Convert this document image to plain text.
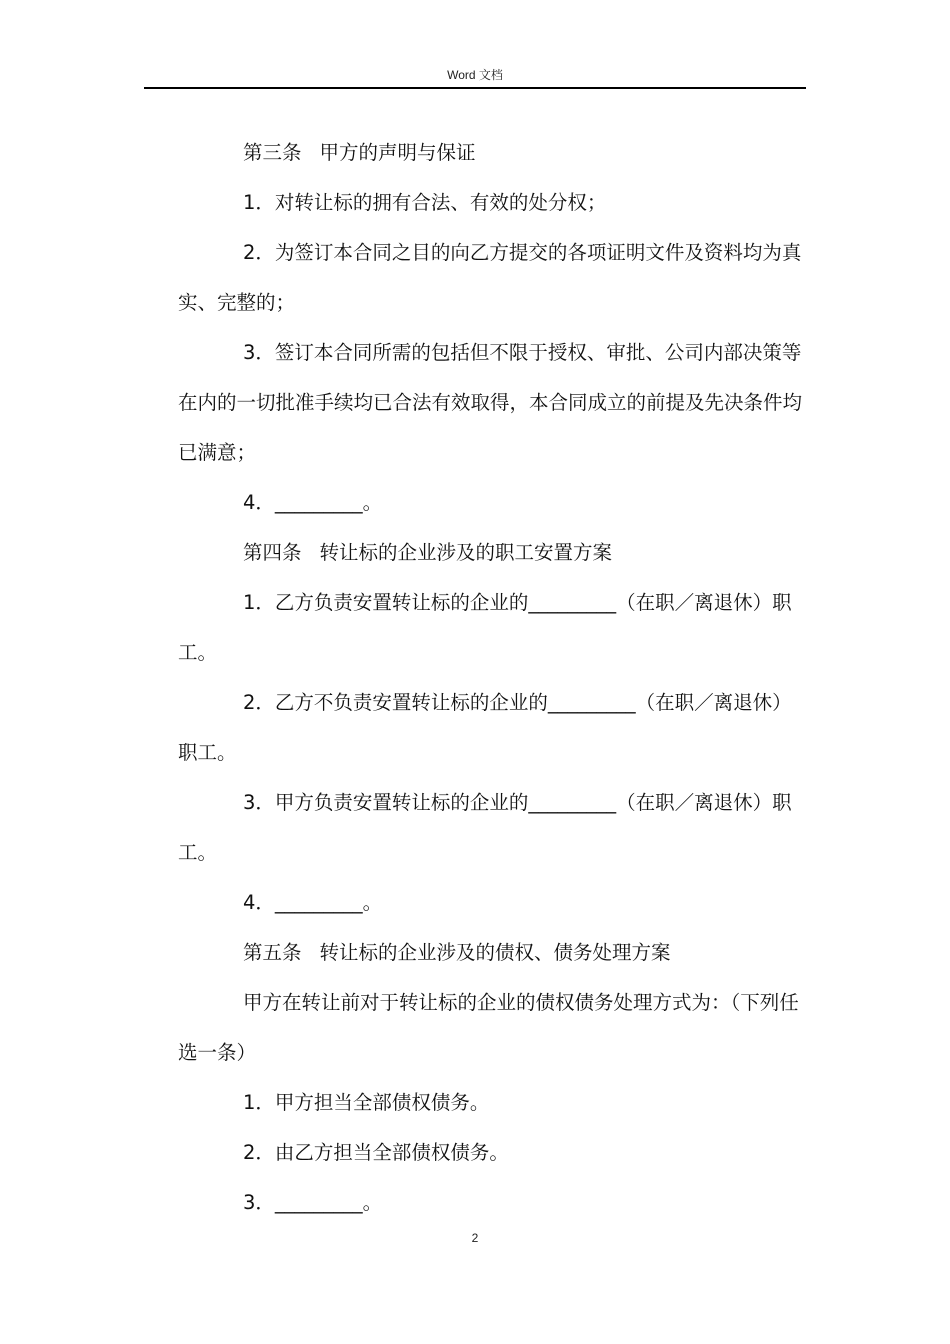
Word 文档

第三条 甲方的声明与保证

1．对转让标的拥有合法、有效的处分权；

2．为签订本合同之目的向乙方提交的各项证明文件及资料均为真实、完整的；

3．签订本合同所需的包括但不限于授权、审批、公司内部决策等在内的一切批准手续均已合法有效取得，本合同成立的前提及先决条件均已满意；

4．_________。

第四条 转让标的企业涉及的职工安置方案

1．乙方负责安置转让标的企业的_________（在职／离退休）职工。

2．乙方不负责安置转让标的企业的_________（在职／离退休）职工。

3．甲方负责安置转让标的企业的_________（在职／离退休）职工。

4．_________。

第五条 转让标的企业涉及的债权、债务处理方案

甲方在转让前对于转让标的企业的债权债务处理方式为：（下列任选一条）

1．甲方担当全部债权债务。

2．由乙方担当全部债权债务。

3．_________。

2
